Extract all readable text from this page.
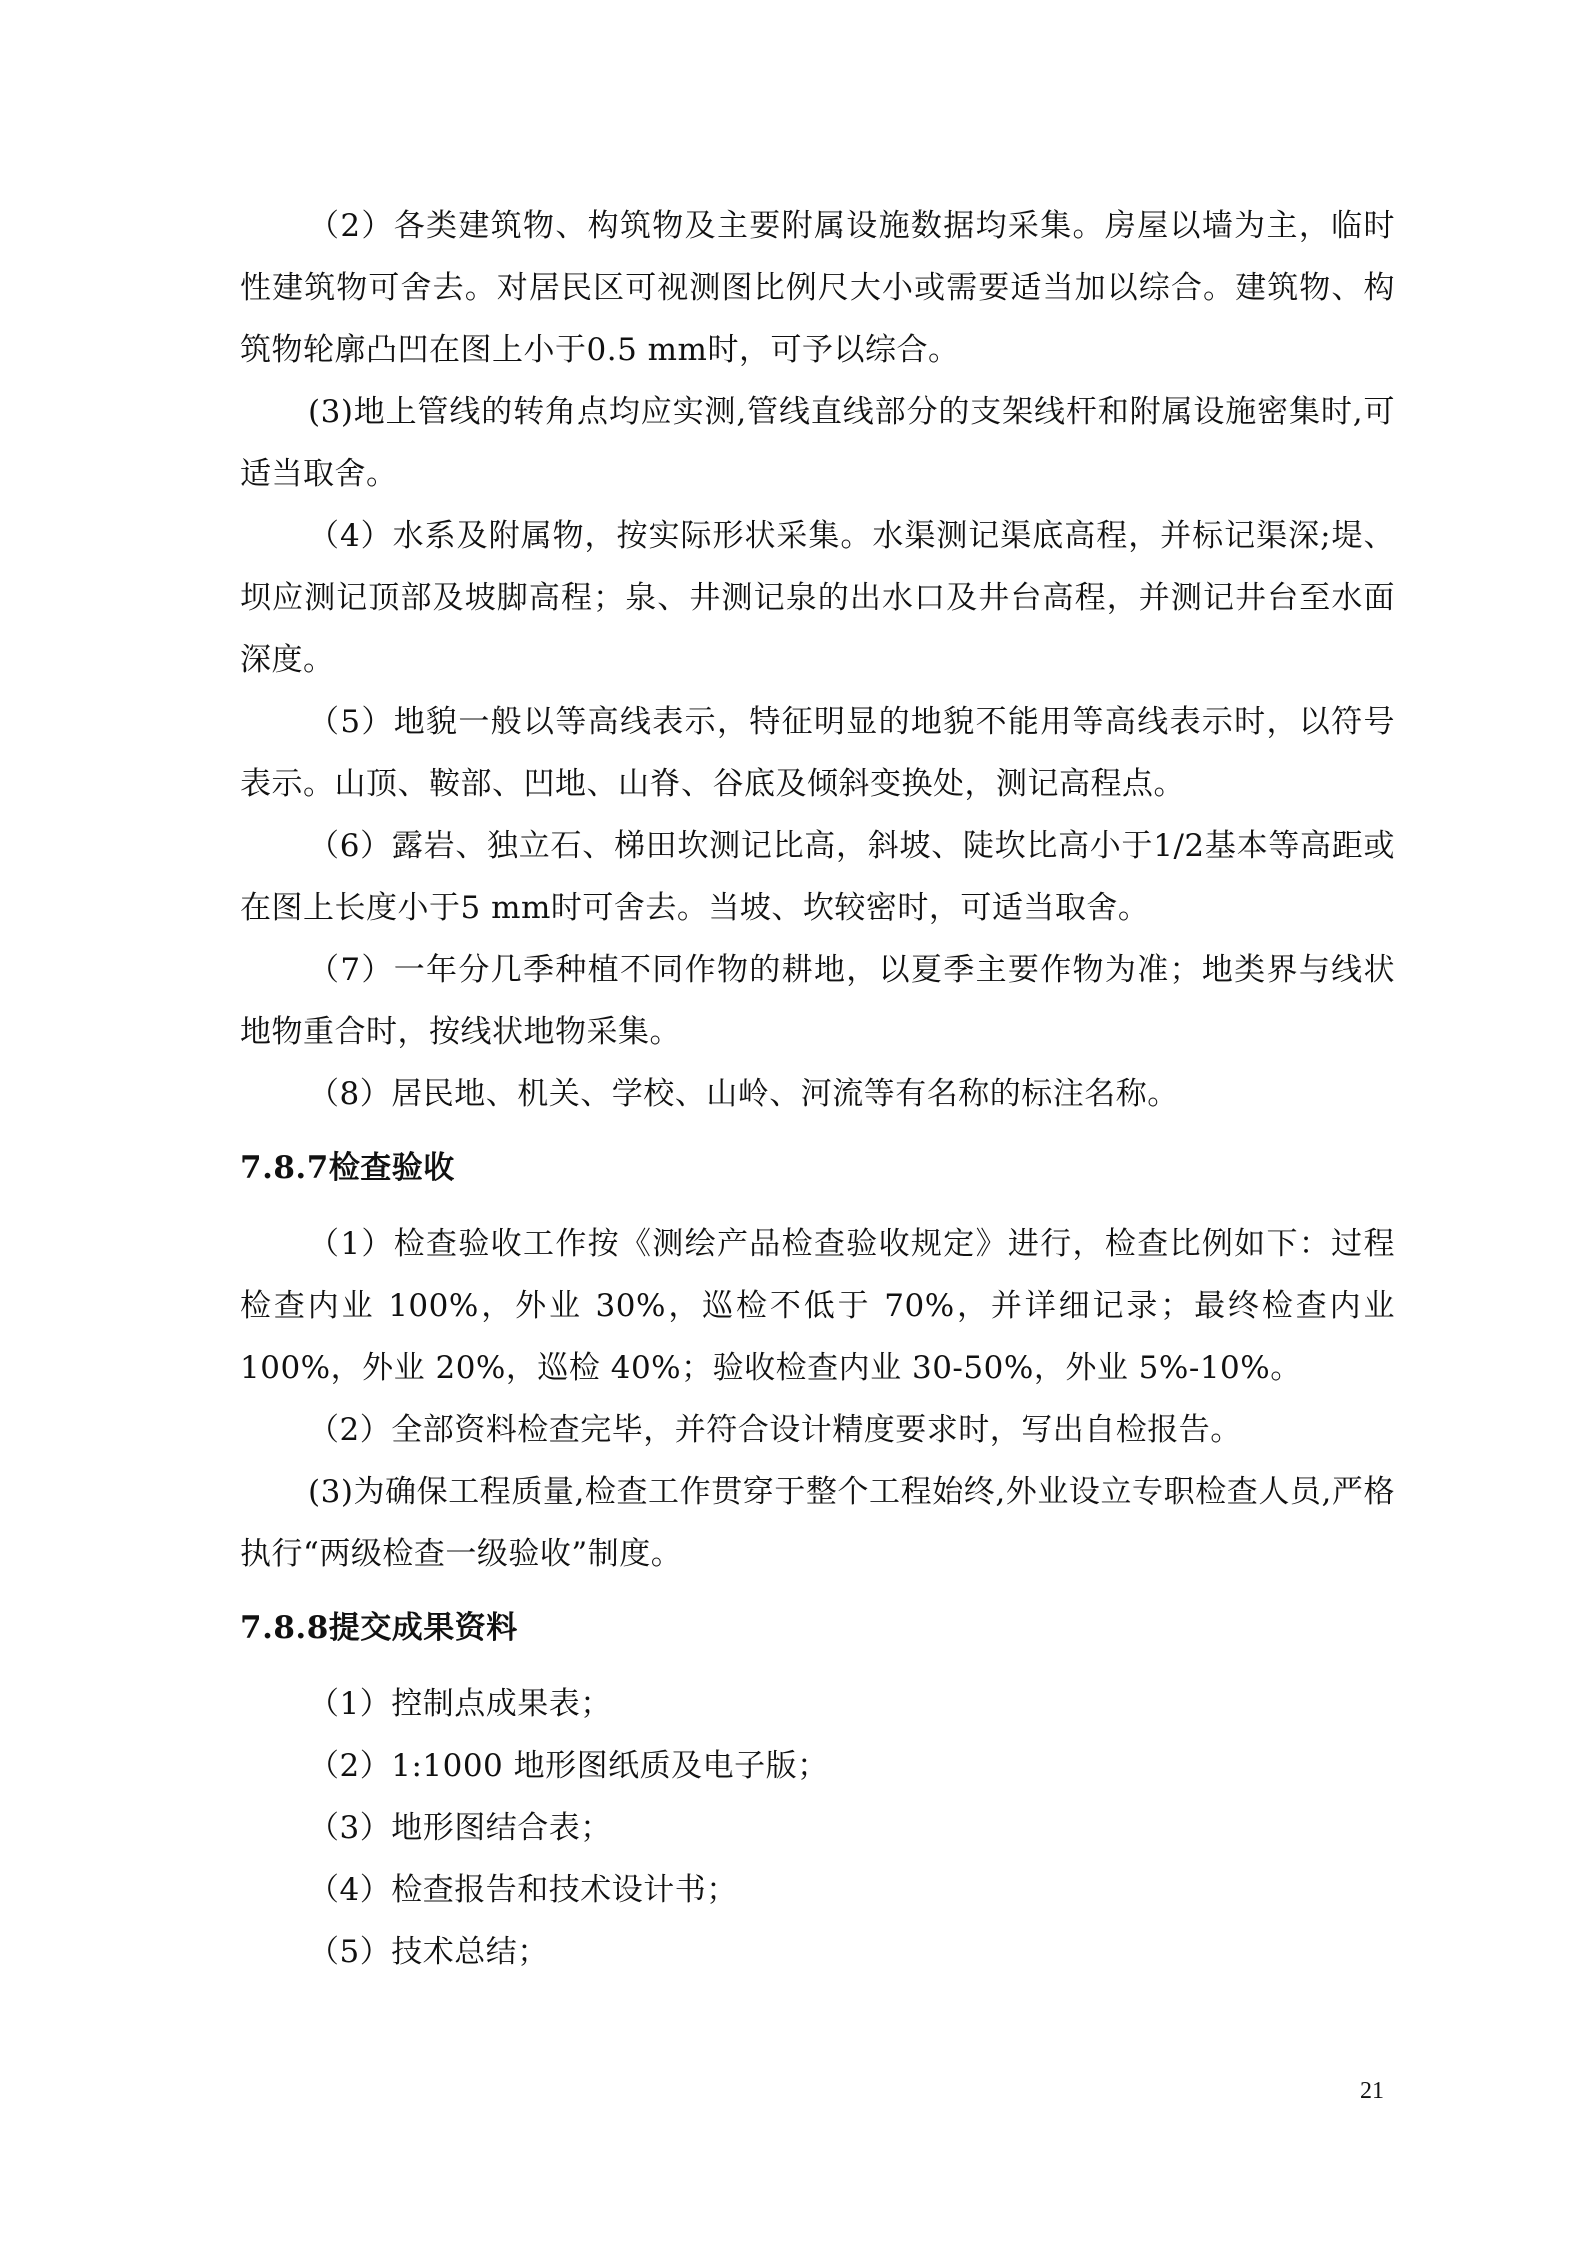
（2）各类建筑物、构筑物及主要附属设施数据均采集。房屋以墙为主，临时性建筑物可舍去。对居民区可视测图比例尺大小或需要适当加以综合。建筑物、构筑物轮廓凸凹在图上小于0.5 mm时，可予以综合。

(3)地上管线的转角点均应实测,管线直线部分的支架线杆和附属设施密集时,可适当取舍。

（4）水系及附属物，按实际形状采集。水渠测记渠底高程，并标记渠深;堤、坝应测记顶部及坡脚高程；泉、井测记泉的出水口及井台高程，并测记井台至水面深度。

（5）地貌一般以等高线表示，特征明显的地貌不能用等高线表示时，以符号表示。山顶、鞍部、凹地、山脊、谷底及倾斜变换处，测记高程点。

（6）露岩、独立石、梯田坎测记比高，斜坡、陡坎比高小于1/2基本等高距或在图上长度小于5 mm时可舍去。当坡、坎较密时，可适当取舍。

（7）一年分几季种植不同作物的耕地，以夏季主要作物为准；地类界与线状地物重合时，按线状地物采集。

（8）居民地、机关、学校、山岭、河流等有名称的标注名称。

7.8.7检查验收

（1）检查验收工作按《测绘产品检查验收规定》进行，检查比例如下：过程检查内业 100%，外业 30%，巡检不低于 70%，并详细记录；最终检查内业 100%，外业 20%，巡检 40%；验收检查内业 30-50%，外业 5%-10%。

（2）全部资料检查完毕，并符合设计精度要求时，写出自检报告。

(3)为确保工程质量,检查工作贯穿于整个工程始终,外业设立专职检查人员,严格执行“两级检查一级验收”制度。

7.8.8提交成果资料

（1）控制点成果表；

（2）1:1000 地形图纸质及电子版；

（3）地形图结合表；

（4）检查报告和技术设计书；

（5）技术总结；

21
